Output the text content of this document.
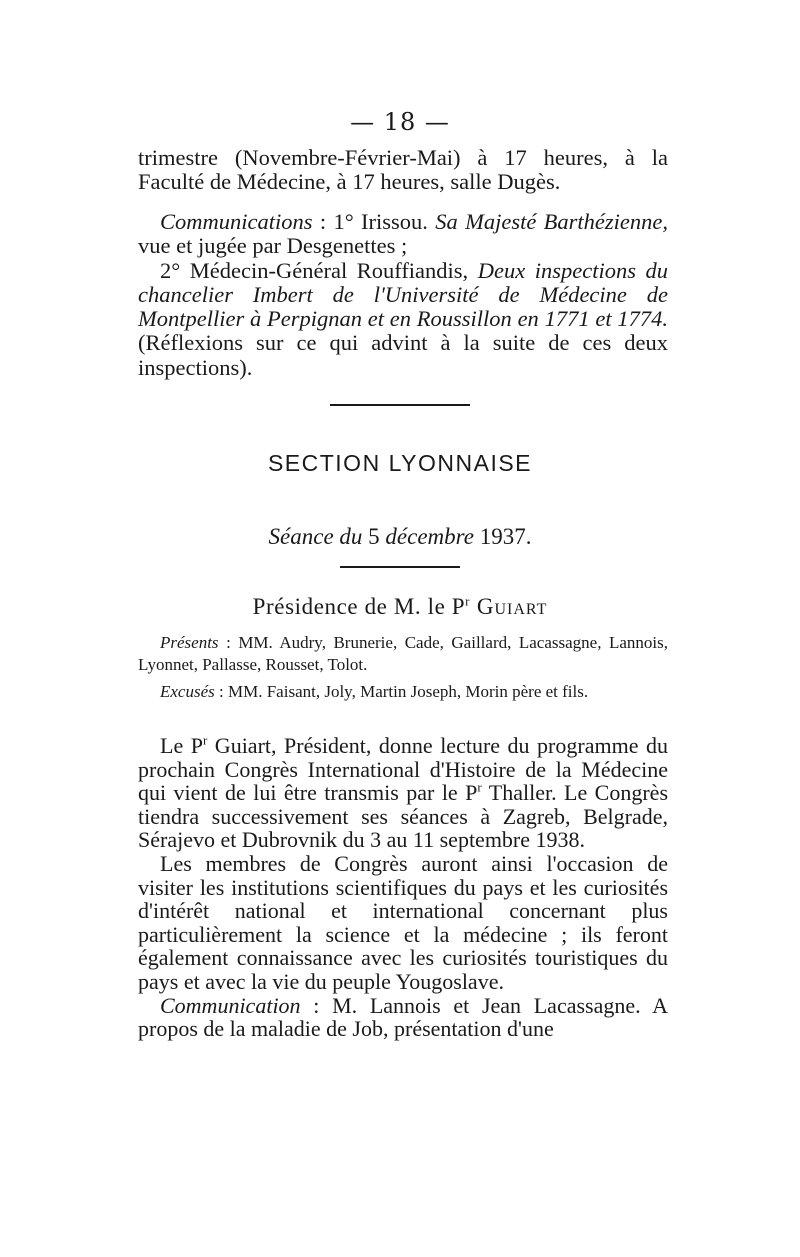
— 18 —

trimestre (Novembre-Février-Mai) à 17 heures, à la Faculté de Médecine, à 17 heures, salle Dugès.

Communications : 1° Irissou. Sa Majesté Barthézienne, vue et jugée par Desgenettes ;

2° Médecin-Général Rouffiandis, Deux inspections du chancelier Imbert de l'Université de Médecine de Montpellier à Perpignan et en Roussillon en 1771 et 1774. (Réflexions sur ce qui advint à la suite de ces deux inspections).

SECTION LYONNAISE
Séance du 5 décembre 1937.
Présidence de M. le $P^r$ Guiart

Présents : MM. Audry, Brunerie, Cade, Gaillard, Lacassagne, Lannois, Lyonnet, Pallasse, Rousset, Tolot.

Excusés : MM. Faisant, Joly, Martin Joseph, Morin père et fils.

Le $P^r$ Guiart, Président, donne lecture du programme du prochain Congrès International d'Histoire de la Médecine qui vient de lui être transmis par le $P^r$ Thaller. Le Congrès tiendra successivement ses séances à Zagreb, Belgrade, Sérajevo et Dubrovnik du 3 au 11 septembre 1938.

Les membres de Congrès auront ainsi l'occasion de visiter les institutions scientifiques du pays et les curiosités d'intérêt national et international concernant plus particulièrement la science et la médecine ; ils feront également connaissance avec les curiosités touristiques du pays et avec la vie du peuple Yougoslave.

Communication : M. Lannois et Jean Lacassagne. A propos de la maladie de Job, présentation d'une
